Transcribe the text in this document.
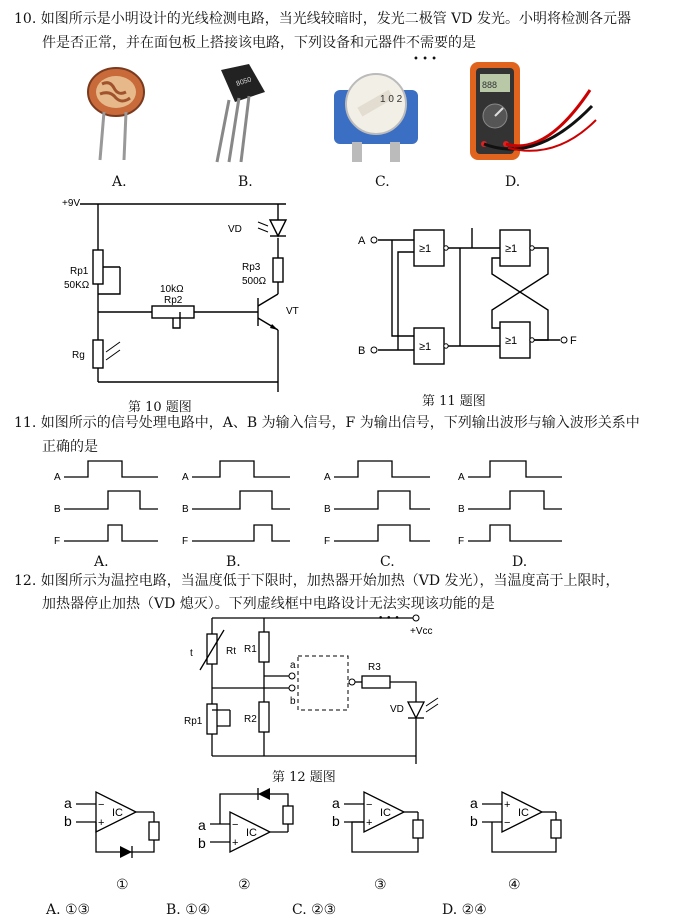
10. 如图所示是小明设计的光线检测电路，当光线较暗时，发光二极管 VD 发光。小明将检测各元器
件是否正常，并在面包板上搭接该电路，下列设备和元器件不需要的是
• • •
8050
1 0 2
888
A.	B.	C.	D.
+9V
VD
Rp3
500Ω
Rp1
50KΩ	10kΩ
Rp2
VT
Rg
第 10 题图
≥1	≥1
≥1	≥1
A
B
F
第 11 题图
11. 如图所示的信号处理电路中，A、B 为输入信号，F 为输出信号，下列输出波形与输入波形关系中
正确的是
A
B
F
A
B
F
A
B
F
A
B
F
A.	B.	C.	D.
12. 如图所示为温控电路，当温度低于下限时，加热器开始加热（VD 发光），当温度高于上限时，
加热器停止加热（VD 熄灭）。下列虚线框中电路设计无法实现该功能的是
• • •
+Vcc
t	Rt R1
R2
Rp1
R3
a
b
VD
第 12 题图
a
b
−
+
IC
a
b
−
+
IC
a
b
−
+
IC
a
b
+
−
IC
①	②	③	④
A. ①③	B. ①④	C. ②③	D. ②④
